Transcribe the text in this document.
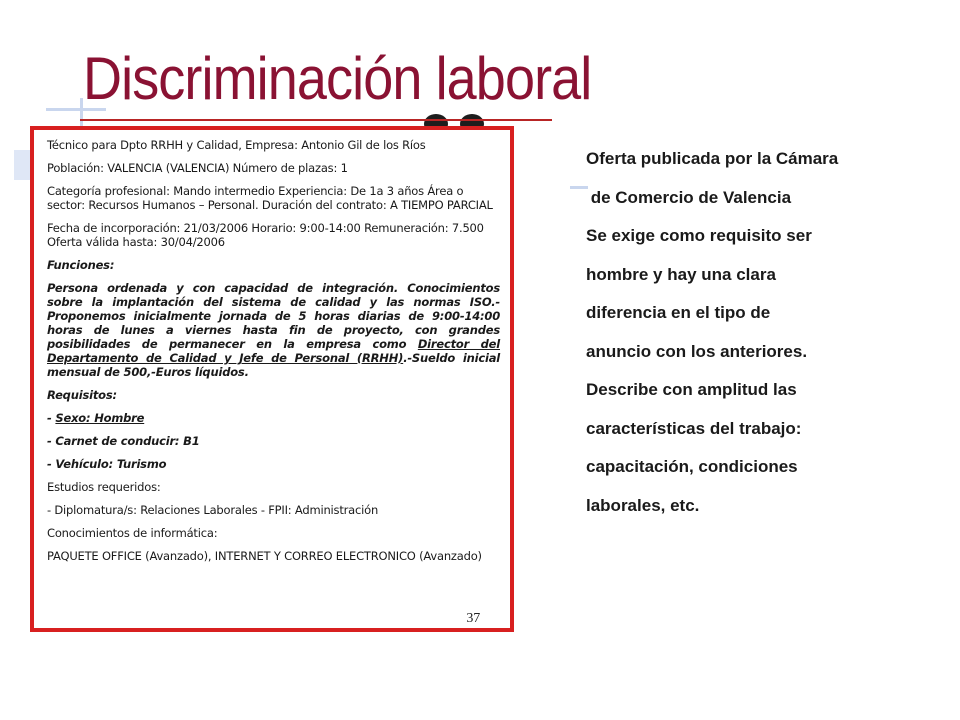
Discriminación laboral

Técnico para Dpto RRHH y Calidad, Empresa: Antonio Gil de los Ríos

Población: VALENCIA (VALENCIA) Número de plazas: 1

Categoría profesional: Mando intermedio Experiencia: De 1a 3 años Área o sector: Recursos Humanos – Personal. Duración del contrato: A TIEMPO PARCIAL

Fecha de incorporación: 21/03/2006 Horario: 9:00-14:00 Remuneración: 7.500 Oferta válida hasta: 30/04/2006

Funciones:

Persona ordenada y con capacidad de integración. Conocimientos sobre la implantación del sistema de calidad y las normas ISO.- Proponemos inicialmente jornada de 5 horas diarias de 9:00-14:00 horas de lunes a viernes hasta fin de proyecto, con grandes posibilidades de permanecer en la empresa como Director del Departamento de Calidad y Jefe de Personal (RRHH).-Sueldo inicial mensual de 500,-Euros líquidos.

Requisitos:

- Sexo: Hombre

- Carnet de conducir: B1

- Vehículo: Turismo

Estudios requeridos:

- Diplomatura/s: Relaciones Laborales - FPII: Administración

Conocimientos de informática:

PAQUETE OFFICE (Avanzado), INTERNET Y CORREO ELECTRONICO (Avanzado)

37
Oferta publicada por la Cámara
de Comercio de Valencia
Se exige como requisito ser
hombre y hay una clara
diferencia en el tipo de
anuncio con los anteriores.
Describe con amplitud las
características del trabajo:
capacitación, condiciones
laborales, etc.
